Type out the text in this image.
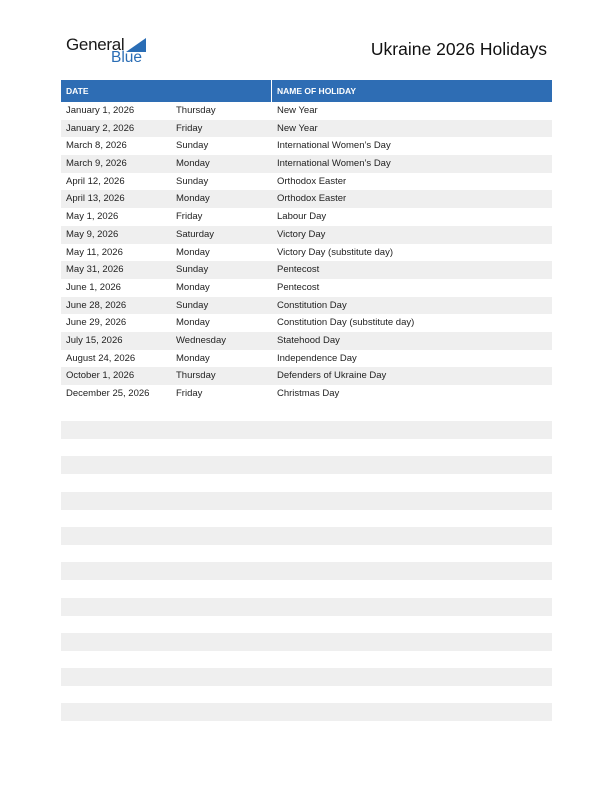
General
Blue	Ukraine 2026 Holidays
DATE	NAME OF HOLIDAY
January 1, 2026	Thursday	New Year
January 2, 2026	Friday	New Year
March 8, 2026	Sunday	International Women’s Day
March 9, 2026	Monday	International Women’s Day
April 12, 2026	Sunday	Orthodox Easter
April 13, 2026	Monday	Orthodox Easter
May 1, 2026	Friday	Labour Day
May 9, 2026	Saturday	Victory Day
May 11, 2026	Monday	Victory Day (substitute day)
May 31, 2026	Sunday	Pentecost
June 1, 2026	Monday	Pentecost
June 28, 2026	Sunday	Constitution Day
June 29, 2026	Monday	Constitution Day (substitute day)
July 15, 2026	Wednesday	Statehood Day
August 24, 2026	Monday	Independence Day
October 1, 2026	Thursday	Defenders of Ukraine Day
December 25, 2026	Friday	Christmas Day
